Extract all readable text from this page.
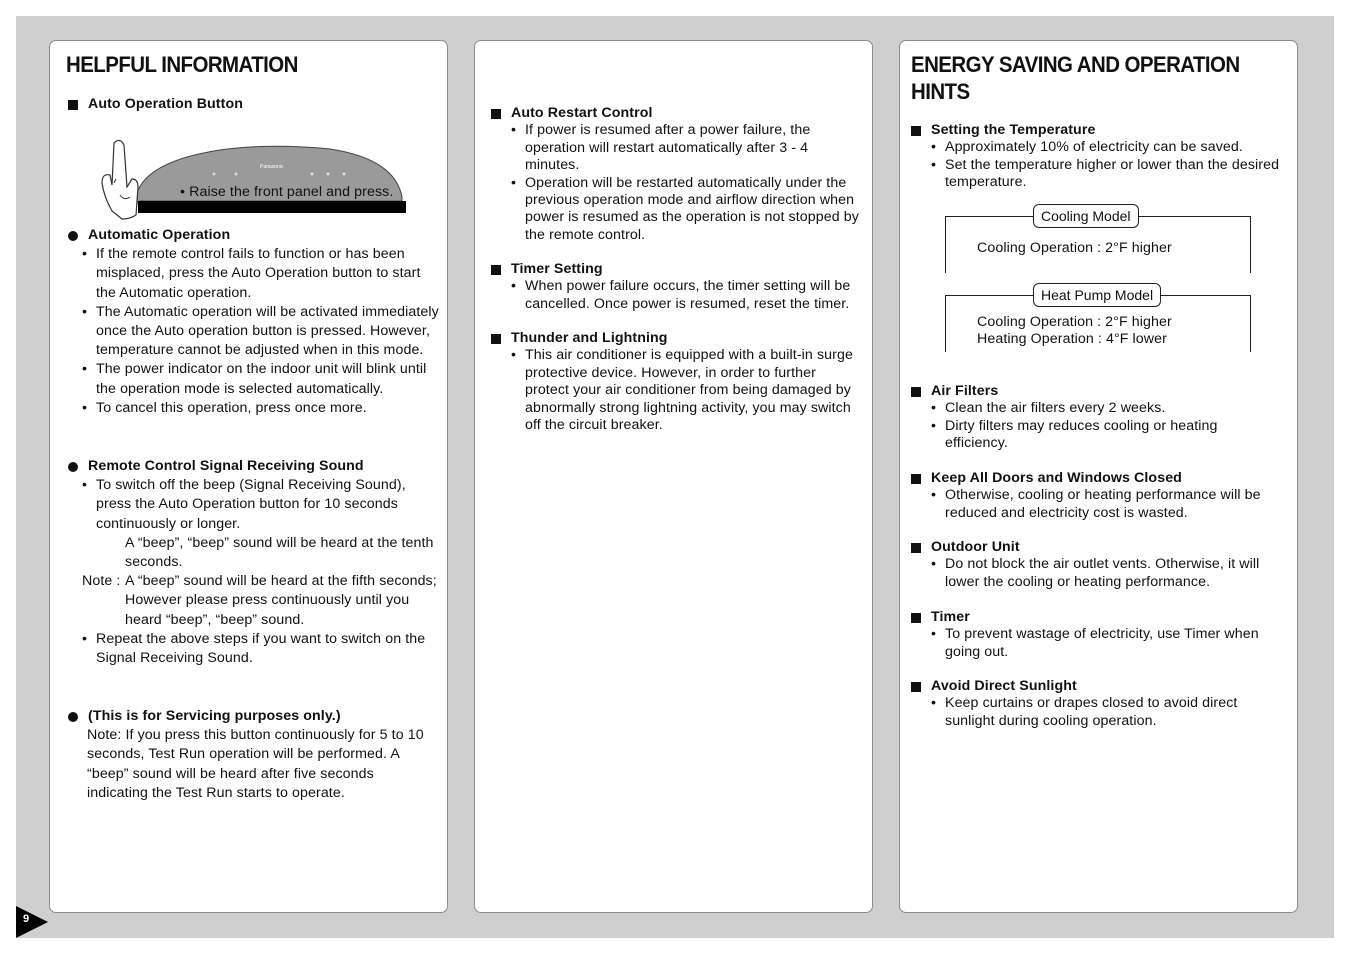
HELPFUL INFORMATION
Auto Operation Button
Panasonic
• Raise the front panel and press.
Automatic Operation
• If the remote control fails to function or has been misplaced, press the Auto Operation button to start the Automatic operation.
• The Automatic operation will be activated immediately once the Auto operation button is pressed. However, temperature cannot be adjusted when in this mode.
• The power indicator on the indoor unit will blink until the operation mode is selected automatically.
• To cancel this operation, press once more.
Remote Control Signal Receiving Sound
• To switch off the beep (Signal Receiving Sound), press the Auto Operation button for 10 seconds continuously or longer.
A “beep”, “beep” sound will be heard at the tenth seconds.
Note : A “beep” sound will be heard at the fifth seconds;
However please press continuously until you heard “beep”, “beep” sound.
• Repeat the above steps if you want to switch on the Signal Receiving Sound.
(This is for Servicing purposes only.)
Note: If you press this button continuously for 5 to 10 seconds, Test Run operation will be performed. A “beep” sound will be heard after five seconds indicating the Test Run starts to operate.
Auto Restart Control
• If power is resumed after a power failure, the operation will restart automatically after 3 - 4 minutes.
• Operation will be restarted automatically under the previous operation mode and airflow direction when power is resumed as the operation is not stopped by the remote control.
Timer Setting
• When power failure occurs, the timer setting will be cancelled. Once power is resumed, reset the timer.
Thunder and Lightning
• This air conditioner is equipped with a built-in surge protective device. However, in order to further protect your air conditioner from being damaged by abnormally strong lightning activity, you may switch off the circuit breaker.
ENERGY SAVING AND OPERATION HINTS
Setting the Temperature
• Approximately 10% of electricity can be saved.
• Set the temperature higher or lower than the desired temperature.
Cooling Model
Cooling Operation : 2°F higher
Heat Pump Model
Cooling Operation : 2°F higher
Heating Operation : 4°F lower
Air Filters
• Clean the air filters every 2 weeks.
• Dirty filters may reduces cooling or heating efficiency.
Keep All Doors and Windows Closed
• Otherwise, cooling or heating performance will be reduced and electricity cost is wasted.
Outdoor Unit
• Do not block the air outlet vents. Otherwise, it will lower the cooling or heating performance.
Timer
• To prevent wastage of electricity, use Timer when going out.
Avoid Direct Sunlight
• Keep curtains or drapes closed to avoid direct sunlight during cooling operation.
9
